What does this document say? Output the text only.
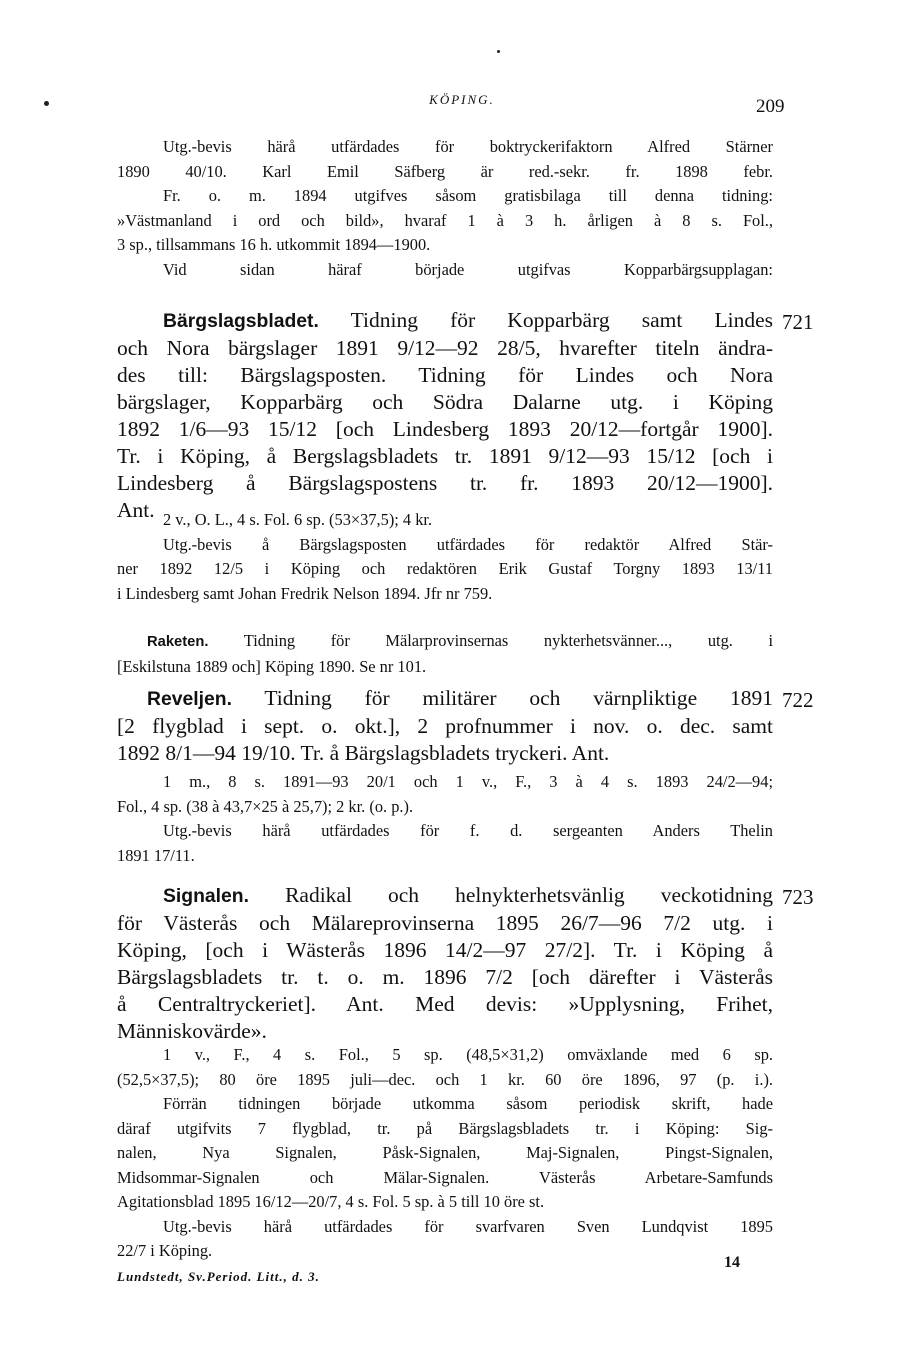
KÖPING.	209
Utg.-bevis härå utfärdades för boktryckerifaktorn Alfred Stärner
1890 40/10. Karl Emil Säfberg är red.-sekr. fr. 1898 febr.
Fr. o. m. 1894 utgifves såsom gratisbilaga till denna tidning:
»Västmanland i ord och bild», hvaraf 1 à 3 h. årligen à 8 s. Fol.,
3 sp., tillsammans 16 h. utkommit 1894—1900.
Vid sidan häraf började utgifvas Kopparbärgsupplagan:
721
Bärgslagsbladet. Tidning för Kopparbärg samt Lindes
och Nora bärgslager 1891 9/12—92 28/5, hvarefter titeln ändra-
des till: Bärgslagsposten. Tidning för Lindes och Nora
bärgslager, Kopparbärg och Södra Dalarne utg. i Köping
1892 1/6—93 15/12 [och Lindesberg 1893 20/12—fortgår 1900].
Tr. i Köping, å Bergslagsbladets tr. 1891 9/12—93 15/12 [och i
Lindesberg å Bärgslagspostens tr. fr. 1893 20/12—1900].
Ant. 2 v., O. L., 4 s. Fol. 6 sp. (53×37,5); 4 kr.
Utg.-bevis å Bärgslagsposten utfärdades för redaktör Alfred Stär-
ner 1892 12/5 i Köping och redaktören Erik Gustaf Torgny 1893 13/11
i Lindesberg samt Johan Fredrik Nelson 1894. Jfr nr 759.
Raketen. Tidning för Mälarprovinsernas nykterhetsvänner..., utg. i
[Eskilstuna 1889 och] Köping 1890. Se nr 101.
722
Reveljen. Tidning för militärer och värnpliktige 1891
[2 flygblad i sept. o. okt.], 2 profnummer i nov. o. dec. samt
1892 8/1—94 19/10. Tr. å Bärgslagsbladets tryckeri. Ant.
1 m., 8 s. 1891—93 20/1 och 1 v., F., 3 à 4 s. 1893 24/2—94;
Fol., 4 sp. (38 à 43,7×25 à 25,7); 2 kr. (o. p.).
Utg.-bevis härå utfärdades för f. d. sergeanten Anders Thelin
1891 17/11.
723
Signalen. Radikal och helnykterhetsvänlig veckotidning
för Västerås och Mälareprovinserna 1895 26/7—96 7/2 utg. i
Köping, [och i Wästerås 1896 14/2—97 27/2]. Tr. i Köping å
Bärgslagsbladets tr. t. o. m. 1896 7/2 [och därefter i Västerås
å Centraltryckeriet]. Ant. Med devis: »Upplysning, Frihet,
Människovärde».
1 v., F., 4 s. Fol., 5 sp. (48,5×31,2) omväxlande med 6 sp.
(52,5×37,5); 80 öre 1895 juli—dec. och 1 kr. 60 öre 1896, 97 (p. i.).
Förrän tidningen började utkomma såsom periodisk skrift, hade
däraf utgifvits 7 flygblad, tr. på Bärgslagsbladets tr. i Köping: Sig-
nalen, Nya Signalen, Påsk-Signalen, Maj-Signalen, Pingst-Signalen,
Midsommar-Signalen och Mälar-Signalen. Västerås Arbetare-Samfunds
Agitationsblad 1895 16/12—20/7, 4 s. Fol. 5 sp. à 5 till 10 öre st.
Utg.-bevis härå utfärdades för svarfvaren Sven Lundqvist 1895
22/7 i Köping.
Lundstedt, Sv.Period. Litt., d. 3.
14
